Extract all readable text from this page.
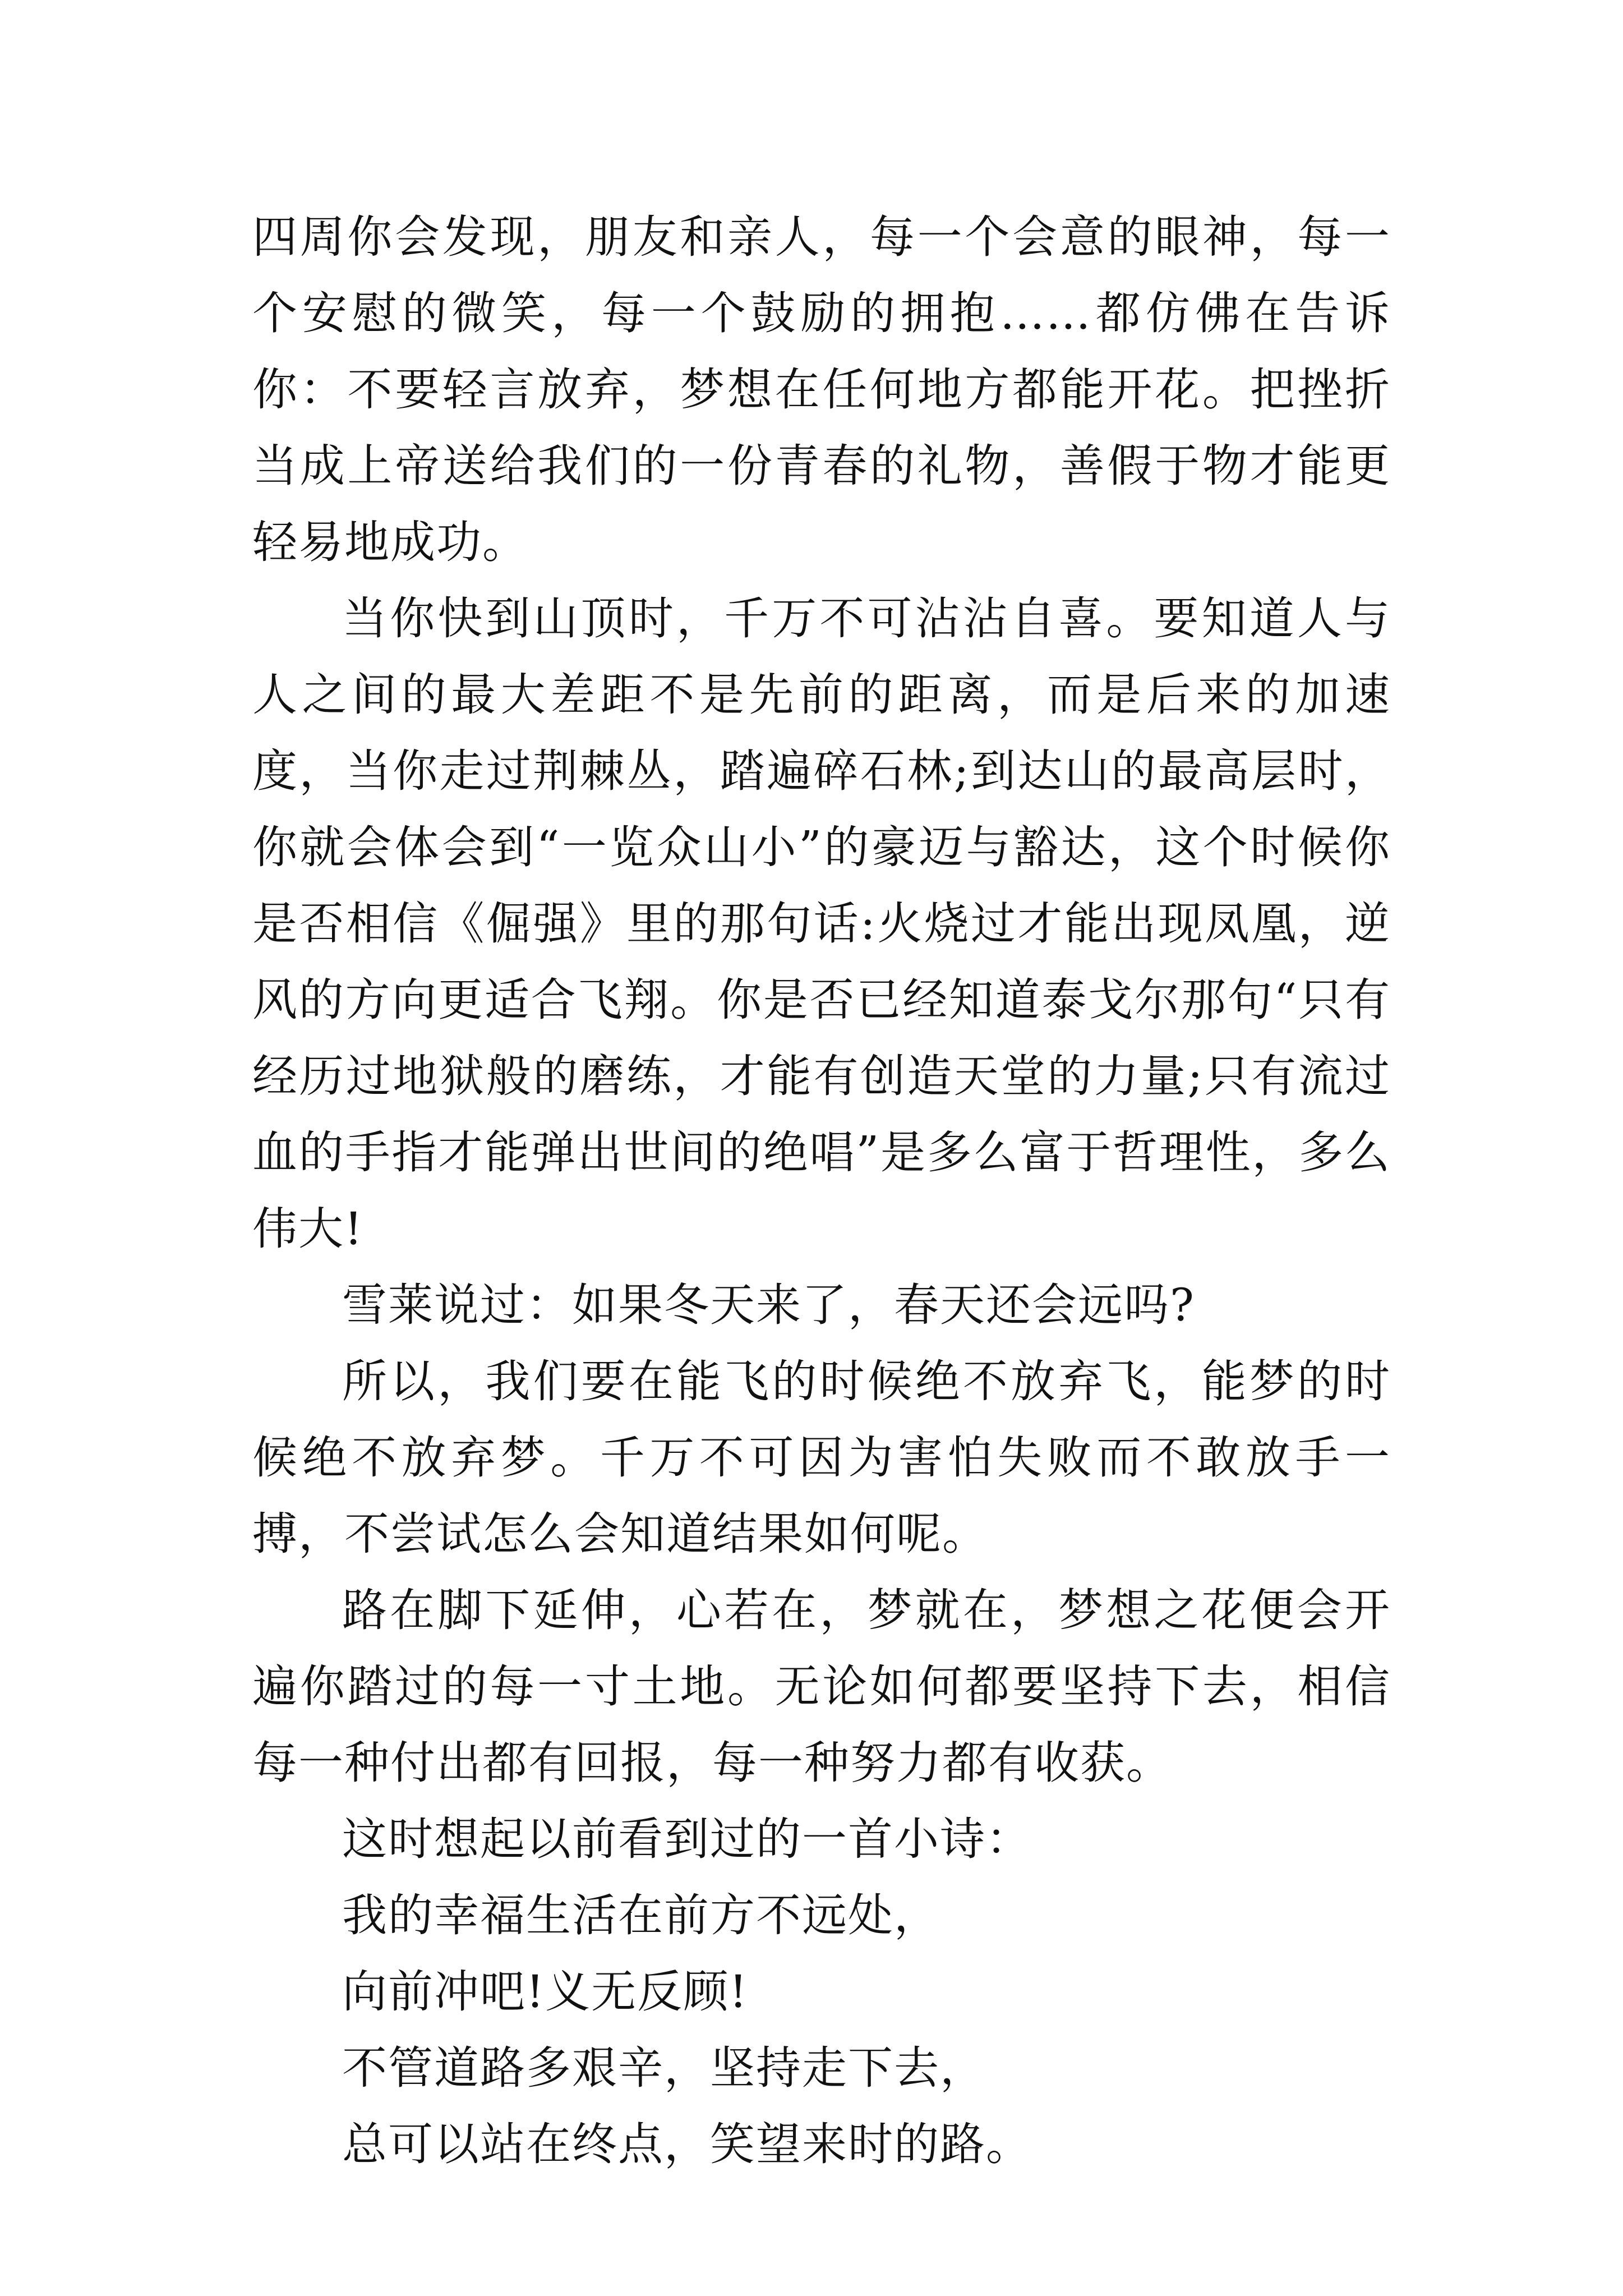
四周你会发现，朋友和亲人，每一个会意的眼神，每一个安慰的微笑，每一个鼓励的拥抱……都仿佛在告诉你：不要轻言放弃，梦想在任何地方都能开花。把挫折当成上帝送给我们的一份青春的礼物，善假于物才能更轻易地成功。

当你快到山顶时，千万不可沾沾自喜。要知道人与人之间的最大差距不是先前的距离，而是后来的加速度，当你走过荆棘丛，踏遍碎石林;到达山的最高层时，你就会体会到“一览众山小”的豪迈与豁达，这个时候你是否相信《倔强》里的那句话:火烧过才能出现凤凰，逆风的方向更适合飞翔。你是否已经知道泰戈尔那句“只有经历过地狱般的磨练，才能有创造天堂的力量;只有流过血的手指才能弹出世间的绝唱”是多么富于哲理性，多么伟大!

雪莱说过：如果冬天来了，春天还会远吗?

所以，我们要在能飞的时候绝不放弃飞，能梦的时候绝不放弃梦。千万不可因为害怕失败而不敢放手一搏，不尝试怎么会知道结果如何呢。

路在脚下延伸，心若在，梦就在，梦想之花便会开遍你踏过的每一寸土地。无论如何都要坚持下去，相信每一种付出都有回报，每一种努力都有收获。

这时想起以前看到过的一首小诗：

我的幸福生活在前方不远处，

向前冲吧!义无反顾!

不管道路多艰辛，坚持走下去，

总可以站在终点，笑望来时的路。
